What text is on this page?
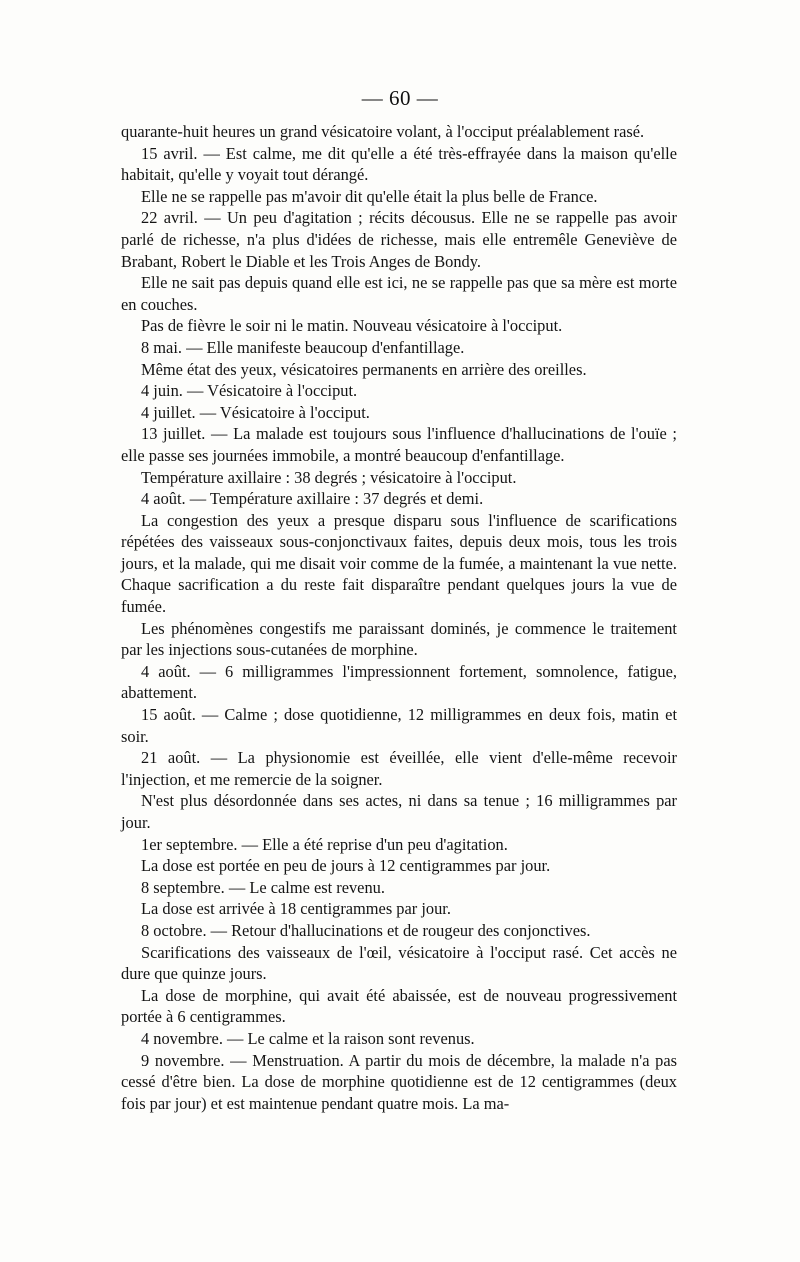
— 60 —

quarante-huit heures un grand vésicatoire volant, à l'occiput préalablement rasé.

15 avril. — Est calme, me dit qu'elle a été très-effrayée dans la maison qu'elle habitait, qu'elle y voyait tout dérangé.

Elle ne se rappelle pas m'avoir dit qu'elle était la plus belle de France.

22 avril. — Un peu d'agitation ; récits décousus. Elle ne se rappelle pas avoir parlé de richesse, n'a plus d'idées de richesse, mais elle entremêle Geneviève de Brabant, Robert le Diable et les Trois Anges de Bondy.

Elle ne sait pas depuis quand elle est ici, ne se rappelle pas que sa mère est morte en couches.

Pas de fièvre le soir ni le matin. Nouveau vésicatoire à l'occiput.

8 mai. — Elle manifeste beaucoup d'enfantillage.

Même état des yeux, vésicatoires permanents en arrière des oreilles.

4 juin. — Vésicatoire à l'occiput.

4 juillet. — Vésicatoire à l'occiput.

13 juillet. — La malade est toujours sous l'influence d'hallucinations de l'ouïe ; elle passe ses journées immobile, a montré beaucoup d'enfantillage.

Température axillaire : 38 degrés ; vésicatoire à l'occiput.

4 août. — Température axillaire : 37 degrés et demi.

La congestion des yeux a presque disparu sous l'influence de scarifications répétées des vaisseaux sous-conjonctivaux faites, depuis deux mois, tous les trois jours, et la malade, qui me disait voir comme de la fumée, a maintenant la vue nette. Chaque sacrification a du reste fait disparaître pendant quelques jours la vue de fumée.

Les phénomènes congestifs me paraissant dominés, je commence le traitement par les injections sous-cutanées de morphine.

4 août. — 6 milligrammes l'impressionnent fortement, somnolence, fatigue, abattement.

15 août. — Calme ; dose quotidienne, 12 milligrammes en deux fois, matin et soir.

21 août. — La physionomie est éveillée, elle vient d'elle-même recevoir l'injection, et me remercie de la soigner.

N'est plus désordonnée dans ses actes, ni dans sa tenue ; 16 milligrammes par jour.

1er septembre. — Elle a été reprise d'un peu d'agitation.

La dose est portée en peu de jours à 12 centigrammes par jour.

8 septembre. — Le calme est revenu.

La dose est arrivée à 18 centigrammes par jour.

8 octobre. — Retour d'hallucinations et de rougeur des conjonctives.

Scarifications des vaisseaux de l'œil, vésicatoire à l'occiput rasé. Cet accès ne dure que quinze jours.

La dose de morphine, qui avait été abaissée, est de nouveau progressivement portée à 6 centigrammes.

4 novembre. — Le calme et la raison sont revenus.

9 novembre. — Menstruation. A partir du mois de décembre, la malade n'a pas cessé d'être bien. La dose de morphine quotidienne est de 12 centigrammes (deux fois par jour) et est maintenue pendant quatre mois. La ma-
